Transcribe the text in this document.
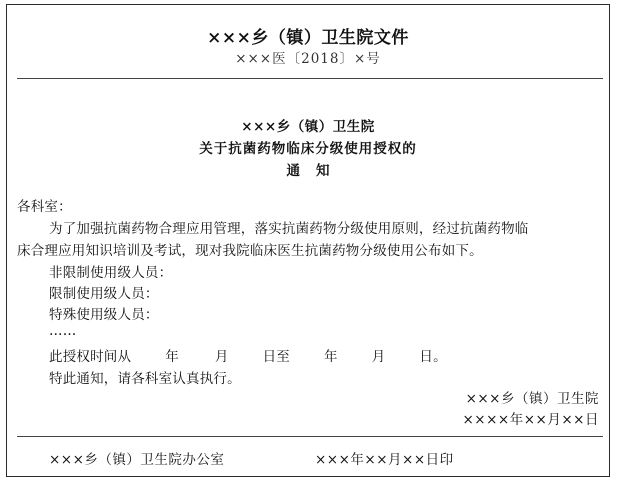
×××乡（镇）卫生院文件
×××医〔2018〕×号
×××乡（镇）卫生院
关于抗菌药物临床分级使用授权的
通知
各科室：
为了加强抗菌药物合理应用管理，落实抗菌药物分级使用原则，经过抗菌药物临
床合理应用知识培训及考试，现对我院临床医生抗菌药物分级使用公布如下。
非限制使用级人员：
限制使用级人员：
特殊使用级人员：
……
此授权时间从	年	月	日至	年	月	日。
特此通知，请各科室认真执行。
×××乡（镇）卫生院
××××年××月××日
×××乡（镇）卫生院办公室	×××年××月××日印
